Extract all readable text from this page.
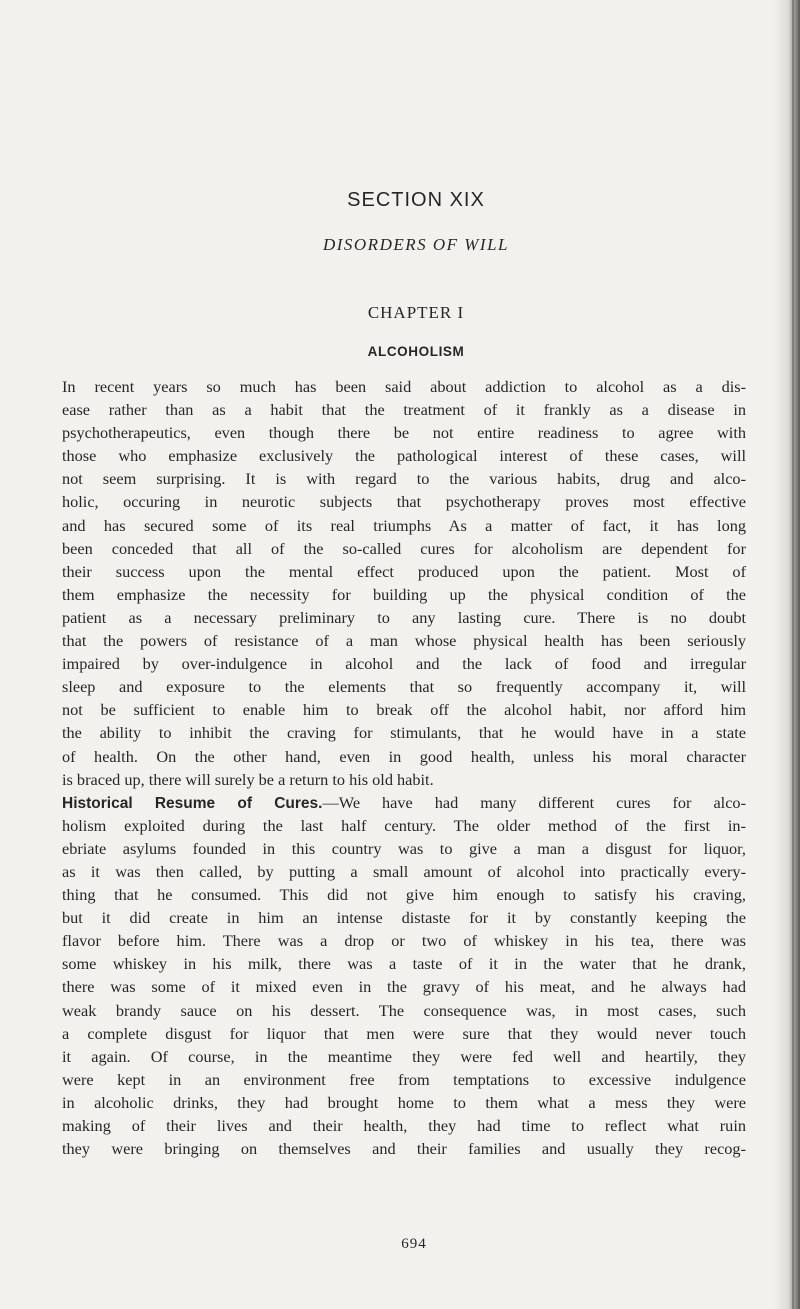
SECTION XIX
DISORDERS OF WILL
CHAPTER I
ALCOHOLISM

In recent years so much has been said about addiction to alcohol as a dis-
ease rather than as a habit that the treatment of it frankly as a disease in
psychotherapeutics, even though there be not entire readiness to agree with
those who emphasize exclusively the pathological interest of these cases, will
not seem surprising. It is with regard to the various habits, drug and alco-
holic, occuring in neurotic subjects that psychotherapy proves most effective
and has secured some of its real triumphs As a matter of fact, it has long
been conceded that all of the so-called cures for alcoholism are dependent for
their success upon the mental effect produced upon the patient. Most of
them emphasize the necessity for building up the physical condition of the
patient as a necessary preliminary to any lasting cure. There is no doubt
that the powers of resistance of a man whose physical health has been seriously
impaired by over-indulgence in alcohol and the lack of food and irregular
sleep and exposure to the elements that so frequently accompany it, will
not be sufficient to enable him to break off the alcohol habit, nor afford him
the ability to inhibit the craving for stimulants, that he would have in a state
of health. On the other hand, even in good health, unless his moral character
is braced up, there will surely be a return to his old habit.

Historical Resume of Cures.—We have had many different cures for alco-
holism exploited during the last half century. The older method of the first in-
ebriate asylums founded in this country was to give a man a disgust for liquor,
as it was then called, by putting a small amount of alcohol into practically every-
thing that he consumed. This did not give him enough to satisfy his craving,
but it did create in him an intense distaste for it by constantly keeping the
flavor before him. There was a drop or two of whiskey in his tea, there was
some whiskey in his milk, there was a taste of it in the water that he drank,
there was some of it mixed even in the gravy of his meat, and he always had
weak brandy sauce on his dessert. The consequence was, in most cases, such
a complete disgust for liquor that men were sure that they would never touch
it again. Of course, in the meantime they were fed well and heartily, they
were kept in an environment free from temptations to excessive indulgence
in alcoholic drinks, they had brought home to them what a mess they were
making of their lives and their health, they had time to reflect what ruin
they were bringing on themselves and their families and usually they recog-

694
